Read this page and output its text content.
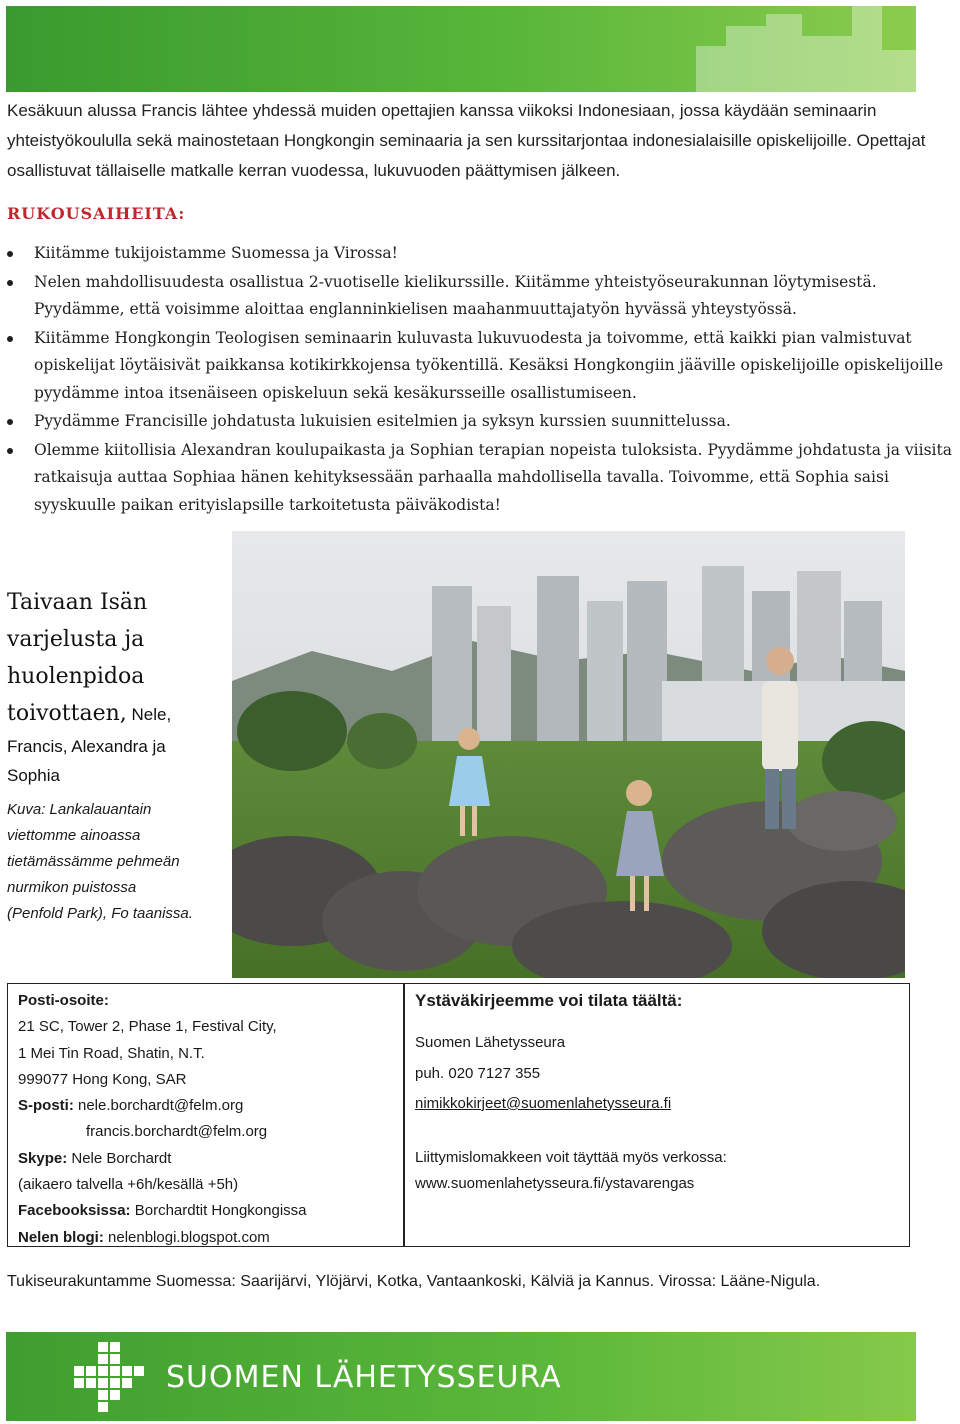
Kesäkuun alussa Francis lähtee yhdessä muiden opettajien kanssa viikoksi Indonesiaan, jossa käydään seminaarin yhteistyökoululla sekä mainostetaan Hongkongin seminaaria ja sen kurssitarjontaa indonesialaisille opiskelijoille. Opettajat osallistuvat tällaiselle matkalle kerran vuodessa, lukuvuoden päättymisen jälkeen.
RUKOUSAIHEITA:
Kiitämme tukijoistamme Suomessa ja Virossa!
Nelen mahdollisuudesta osallistua 2-vuotiselle kielikurssille. Kiitämme yhteistyöseurakunnan löytymisestä. Pyydämme, että voisimme aloittaa englanninkielisen maahanmuuttajatyön hyvässä yhteystyössä.
Kiitämme Hongkongin Teologisen seminaarin kuluvasta lukuvuodesta ja toivomme, että kaikki pian valmistuvat opiskelijat löytäisivät paikkansa kotikirkkojensa työkentillä. Kesäksi Hongkongiin jääville opiskelijoille opiskelijoille pyydämme intoa itsenäiseen opiskeluun sekä kesäkursseille osallistumiseen.
Pyydämme Francisille johdatusta lukuisien esitelmien ja syksyn kurssien suunnittelussa.
Olemme kiitollisia Alexandran koulupaikasta ja Sophian terapian nopeista tuloksista. Pyydämme johdatusta ja viisita ratkaisuja auttaa Sophiaa hänen kehityksessään parhaalla mahdollisella tavalla. Toivomme, että Sophia saisi syyskuulle paikan erityislapsille tarkoitetusta päiväkodista!
Taivaan Isän
varjelusta ja
huolenpidoa
toivottaen, Nele,
Francis, Alexandra ja
Sophia
Kuva: Lankalauantain
viettomme ainoassa
tietämässämme pehmeän
nurmikon puistossa
(Penfold Park), Fo taanissa.
Posti-osoite:
21 SC, Tower 2, Phase 1, Festival City,
1 Mei Tin Road, Shatin, N.T.
999077 Hong Kong, SAR
S-posti: nele.borchardt@felm.org
francis.borchardt@felm.org
Skype: Nele Borchardt
(aikaero talvella +6h/kesällä +5h)
Facebooksissa: Borchardtit Hongkongissa
Nelen blogi: nelenblogi.blogspot.com
Ystäväkirjeemme voi tilata täältä:
Suomen Lähetysseura
puh. 020 7127 355
nimikkokirjeet@suomenlahetysseura.fi
Liittymislomakkeen voit täyttää myös verkossa:
www.suomenlahetysseura.fi/ystavarengas
Tukiseurakuntamme Suomessa: Saarijärvi, Ylöjärvi, Kotka, Vantaankoski, Kälviä ja Kannus. Virossa: Lääne-Nigula.
SUOMEN LÄHETYSSEURA
